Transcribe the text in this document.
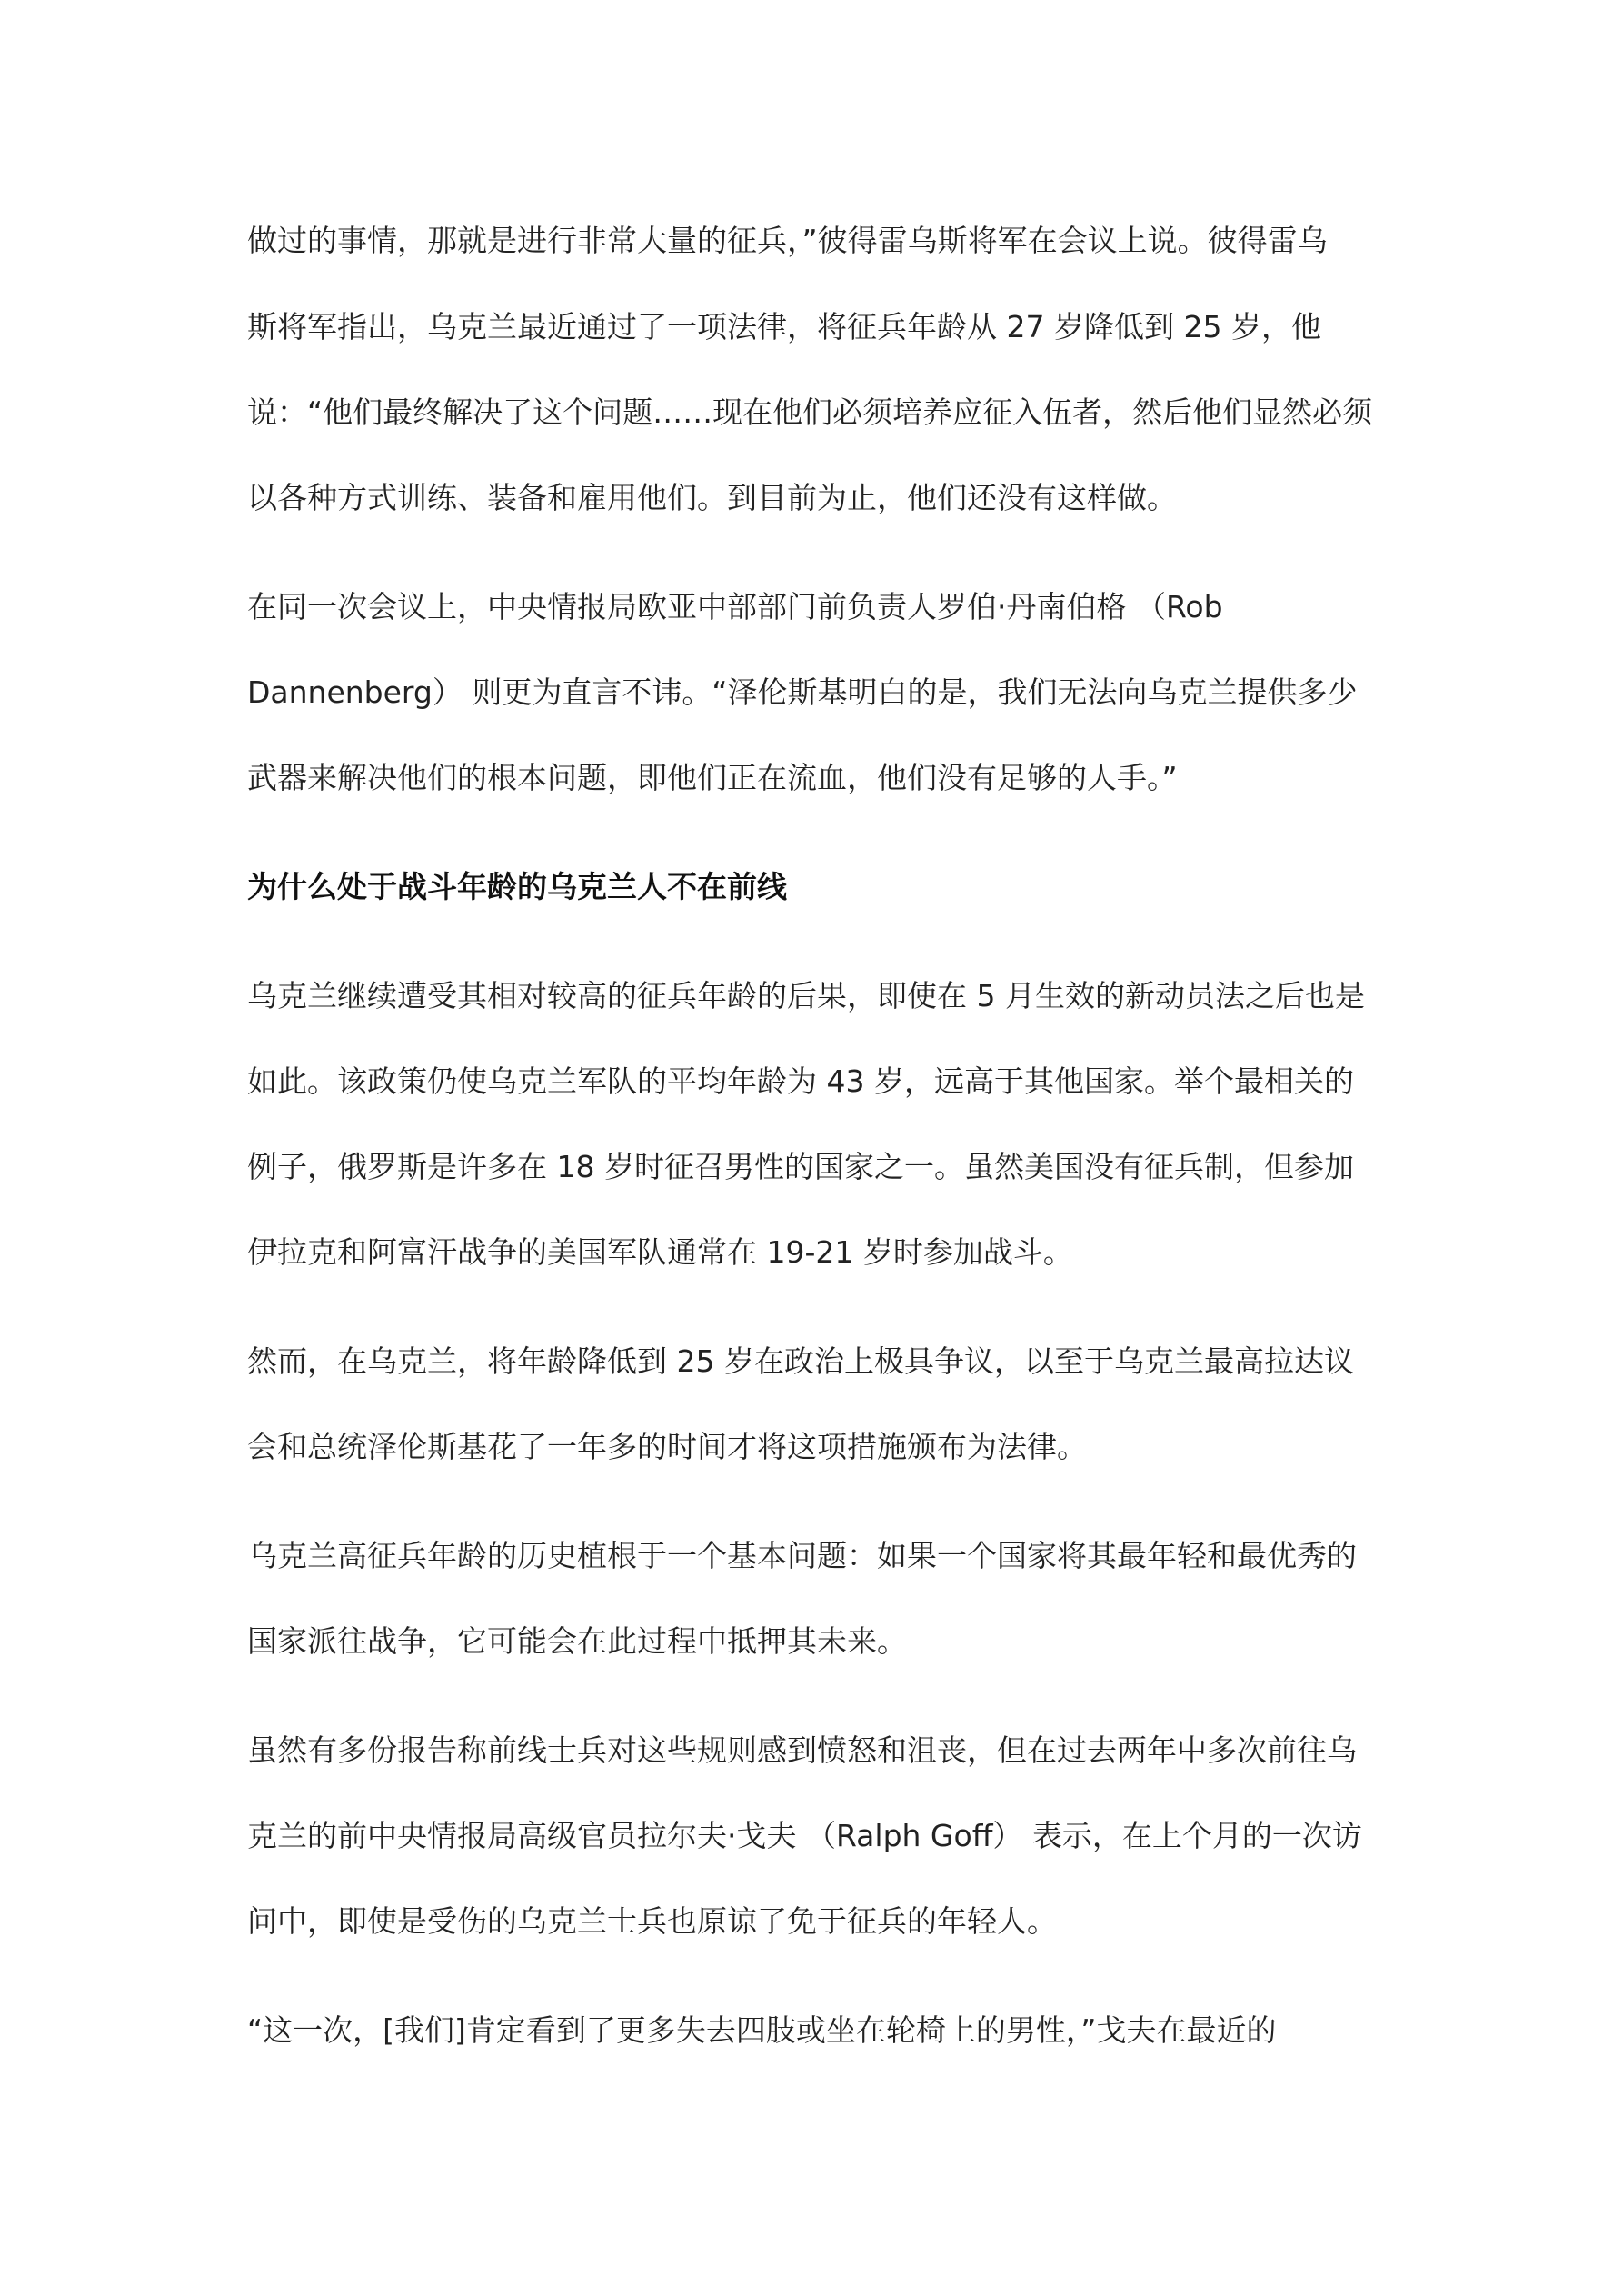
做过的事情，那就是进行非常大量的征兵，”彼得雷乌斯将军在会议上说。彼得雷乌
斯将军指出，乌克兰最近通过了一项法律，将征兵年龄从 27 岁降低到 25 岁，他
说：“他们最终解决了这个问题……现在他们必须培养应征入伍者，然后他们显然必须
以各种方式训练、装备和雇用他们。到目前为止，他们还没有这样做。
在同一次会议上，中央情报局欧亚中部部门前负责人罗伯·丹南伯格 （Rob
Dannenberg） 则更为直言不讳。“泽伦斯基明白的是，我们无法向乌克兰提供多少
武器来解决他们的根本问题，即他们正在流血，他们没有足够的人手。”
为什么处于战斗年龄的乌克兰人不在前线
乌克兰继续遭受其相对较高的征兵年龄的后果，即使在 5 月生效的新动员法之后也是
如此。该政策仍使乌克兰军队的平均年龄为 43 岁，远高于其他国家。举个最相关的
例子，俄罗斯是许多在 18 岁时征召男性的国家之一。虽然美国没有征兵制，但参加
伊拉克和阿富汗战争的美国军队通常在 19-21 岁时参加战斗。
然而，在乌克兰，将年龄降低到 25 岁在政治上极具争议，以至于乌克兰最高拉达议
会和总统泽伦斯基花了一年多的时间才将这项措施颁布为法律。
乌克兰高征兵年龄的历史植根于一个基本问题：如果一个国家将其最年轻和最优秀的
国家派往战争，它可能会在此过程中抵押其未来。
虽然有多份报告称前线士兵对这些规则感到愤怒和沮丧，但在过去两年中多次前往乌
克兰的前中央情报局高级官员拉尔夫·戈夫 （Ralph Goff） 表示，在上个月的一次访
问中，即使是受伤的乌克兰士兵也原谅了免于征兵的年轻人。
“这一次，[我们]肯定看到了更多失去四肢或坐在轮椅上的男性，”戈夫在最近的
